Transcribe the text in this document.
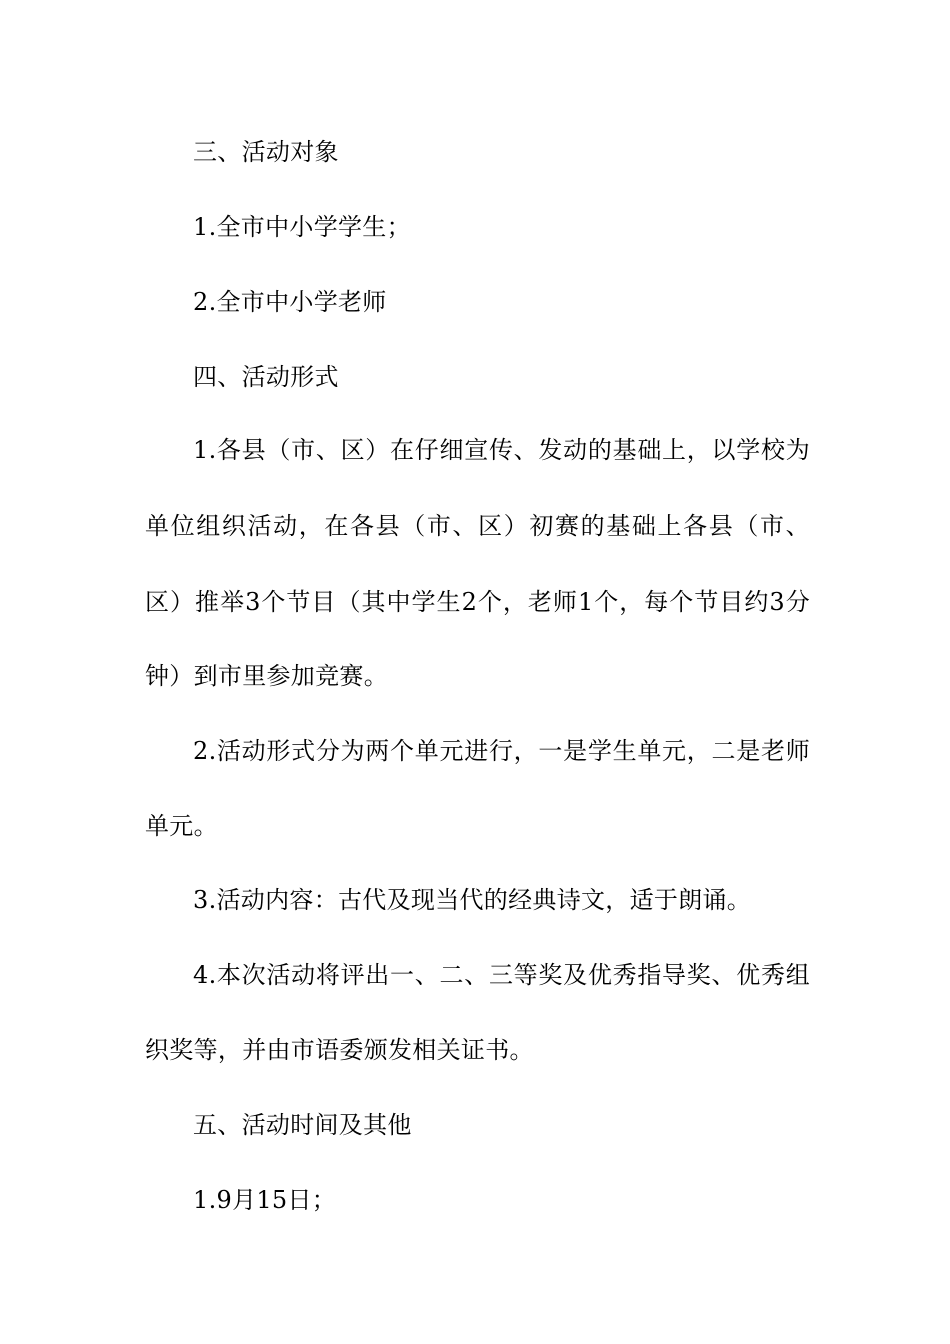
三、活动对象
1.全市中小学学生；
2.全市中小学老师
四、活动形式
1.各县（市、区）在仔细宣传、发动的基础上，以学校为
单位组织活动，在各县（市、区）初赛的基础上各县（市、
区）推举3个节目（其中学生2个，老师1个，每个节目约3分
钟）到市里参加竞赛。
2.活动形式分为两个单元进行，一是学生单元，二是老师
单元。
3.活动内容：古代及现当代的经典诗文，适于朗诵。
4.本次活动将评出一、二、三等奖及优秀指导奖、优秀组
织奖等，并由市语委颁发相关证书。
五、活动时间及其他
1.9月15日；
